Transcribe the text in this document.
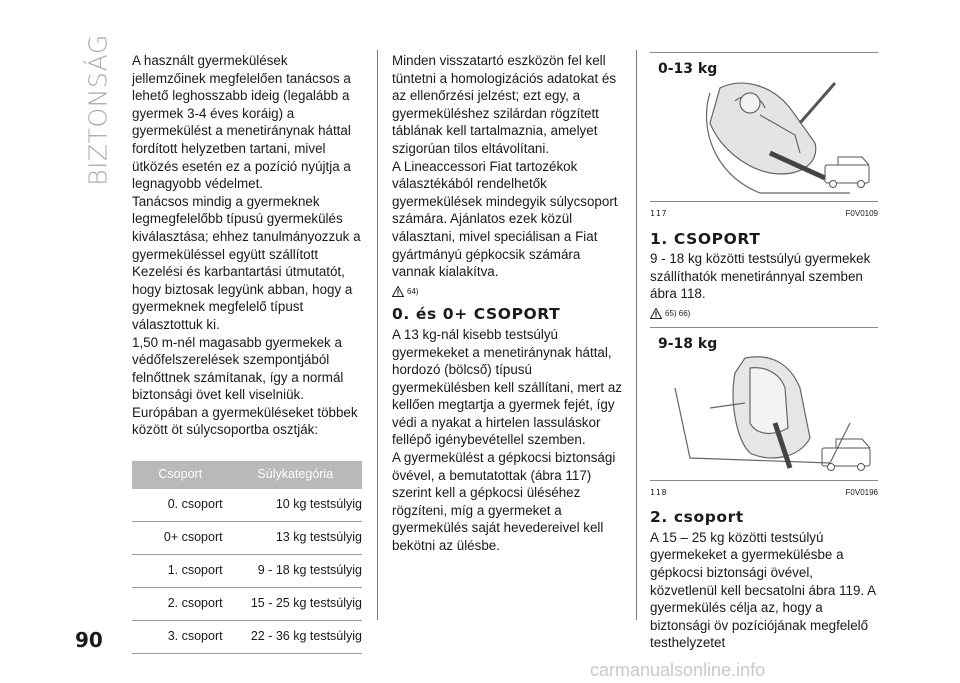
BIZTONSÁG
90

A használt gyermekülések jellemzőinek megfelelően tanácsos a lehető leghosszabb ideig (legalább a gyermek 3-4 éves koráig) a gyermekülést a menetiránynak háttal fordított helyzetben tartani, mivel ütközés esetén ez a pozíció nyújtja a legnagyobb védelmet.

Tanácsos mindig a gyermeknek legmegfelelőbb típusú gyermekülés kiválasztása; ehhez tanulmányozzuk a gyermeküléssel együtt szállított Kezelési és karbantartási útmutatót, hogy biztosak legyünk abban, hogy a gyermeknek megfelelő típust választottuk ki.

1,50 m-nél magasabb gyermekek a védőfelszerelések szempontjából felnőttnek számítanak, így a normál biztonsági övet kell viselniük.

Európában a gyermeküléseket többek között öt súlycsoportba osztják:

Csoport	Súlykategória
0. csoport	10 kg testsúlyig
0+ csoport	13 kg testsúlyig
1. csoport	9 - 18 kg testsúlyig
2. csoport	15 - 25 kg testsúlyig
3. csoport	22 - 36 kg testsúlyig

Minden visszatartó eszközön fel kell tüntetni a homologizációs adatokat és az ellenőrzési jelzést; ezt egy, a gyermeküléshez szilárdan rögzített táblának kell tartalmaznia, amelyet szigorúan tilos eltávolítani.

A Lineaccessori Fiat tartozékok választékából rendelhetők gyermekülések mindegyik súlycsoport számára. Ajánlatos ezek közül választani, mivel speciálisan a Fiat gyártmányú gépkocsik számára vannak kialakítva.

64)
0. és 0+ CSOPORT

A 13 kg-nál kisebb testsúlyú gyermekeket a menetiránynak háttal, hordozó (bölcső) típusú gyermekülésben kell szállítani, mert az kellően megtartja a gyermek fejét, így védi a nyakat a hirtelen lassuláskor fellépő igénybevétellel szemben.

A gyermekülést a gépkocsi biztonsági övével, a bemutatottak (ábra 117) szerint kell a gépkocsi üléséhez rögzíteni, míg a gyermeket a gyermekülés saját hevedereivel kell bekötni az ülésbe.

0-13 kg
117	F0V0109
1. CSOPORT

9 - 18 kg közötti testsúlyú gyermekek szállíthatók menetiránnyal szemben ábra 118.

65) 66)
9-18 kg
118	F0V0196
2. csoport

A 15 – 25 kg közötti testsúlyú gyermekeket a gyermekülésbe a gépkocsi biztonsági övével, közvetlenül kell becsatolni ábra 119. A gyermekülés célja az, hogy a biztonsági öv pozíciójának megfelelő testhelyzetet

carmanualsonline.info
